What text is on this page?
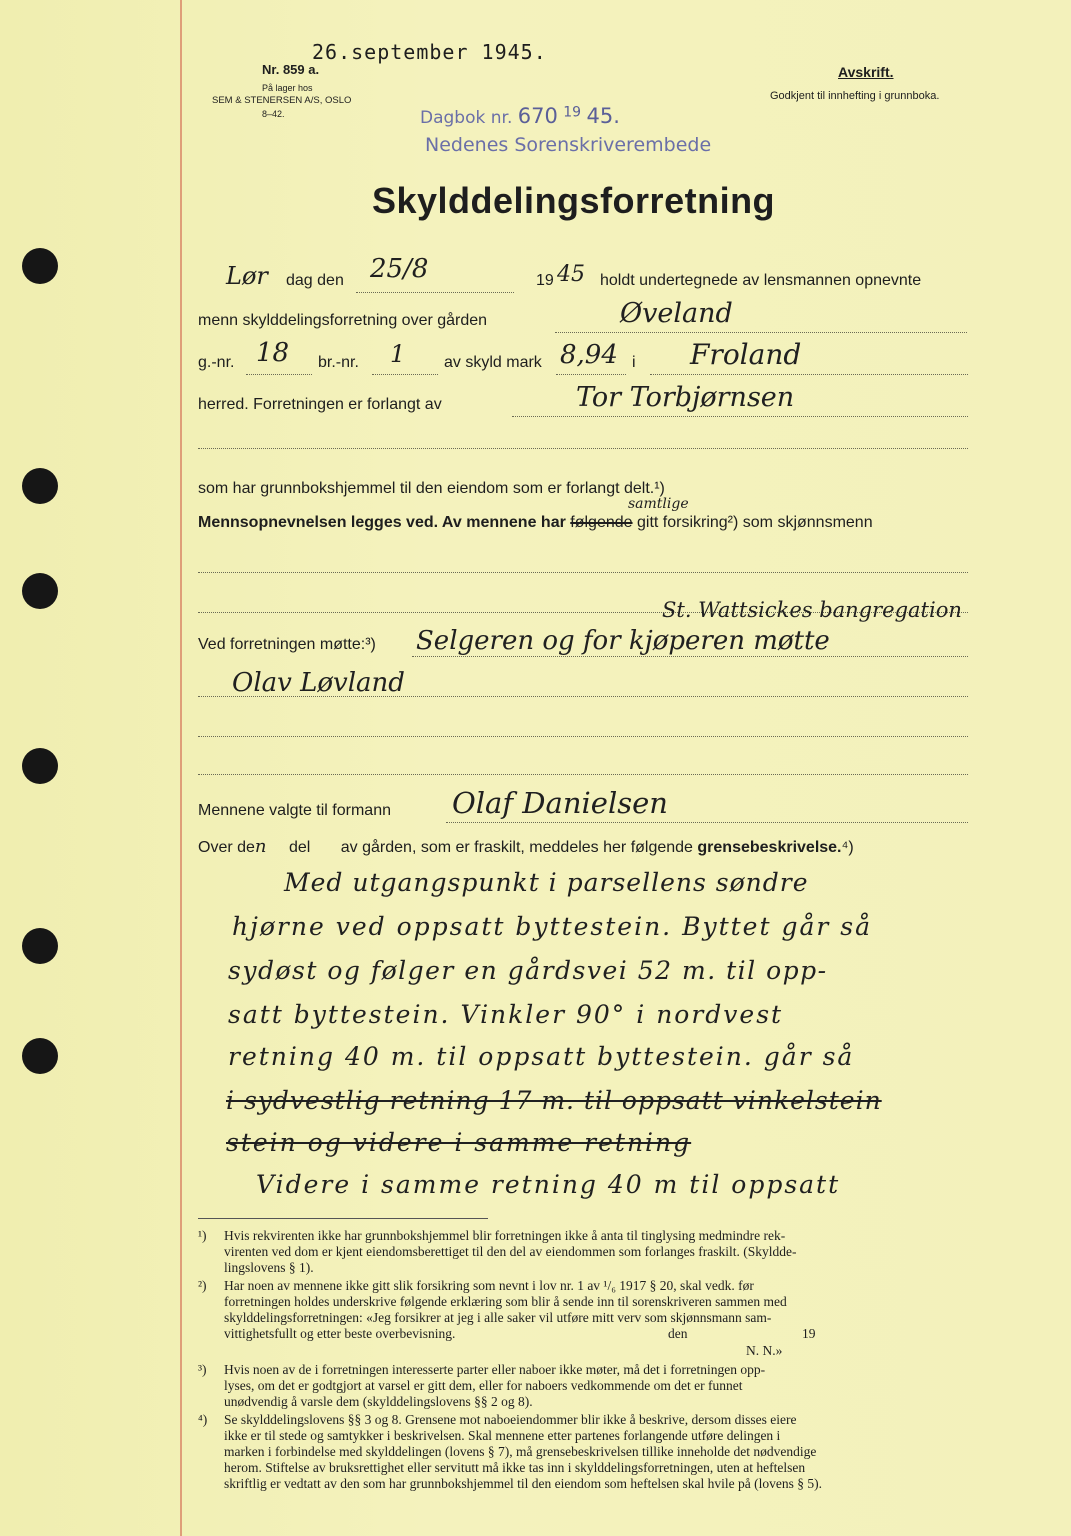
26.september 1945.
Nr. 859 a.
På lager hos
SEM & STENERSEN A/S, OSLO
8–42.
Avskrift.
Godkjent til innhefting i grunnboka.
Dagbok nr. 670 $^{19}$ 45.
Nedenes Sorenskriverembede
Skylddelingsforretning
Lør dag den 25/8	19 45 holdt undertegnede av lensmannen opnevnte
menn skylddelingsforretning over gården	Øveland
g.-nr. 18 br.-nr. 1 av skyld mark 8,94 i Froland
herred. Forretningen er forlangt av	Tor Torbjørnsen
som har grunnbokshjemmel til den eiendom som er forlangt delt.¹)
samtlige
Mennsopnevnelsen legges ved. Av mennene har følgende gitt forsikring²) som skjønnsmenn
St. Wattsickes bangregation
Ved forretningen møtte:³) Selgeren og for kjøperen møtte
Olav Løvland
Mennene valgte til formann Olaf Danielsen
Over den del av gården, som er fraskilt, meddeles her følgende grensebeskrivelse.⁴)
Med utgangspunkt i parsellens søndre
hjørne ved oppsatt byttestein. Byttet går så
sydøst og følger en gårdsvei 52 m. til opp-
satt byttestein. Vinkler 90° i nordvest
retning 40 m. til oppsatt byttestein. går så
i sydvestlig retning 17 m. til oppsatt vinkelstein
stein og videre i samme retning
Videre i samme retning 40 m til oppsatt
¹) Hvis rekvirenten ikke har grunnbokshjemmel blir forretningen ikke å anta til tinglysing medmindre rek-
virenten ved dom er kjent eiendomsberettiget til den del av eiendommen som forlanges fraskilt. (Skyldde-
lingslovens § 1).
²) Har noen av mennene ikke gitt slik forsikring som nevnt i lov nr. 1 av ¹/₆ 1917 § 20, skal vedk. før
forretningen holdes underskrive følgende erklæring som blir å sende inn til sorenskriveren sammen med
skylddelingsforretningen: «Jeg forsikrer at jeg i alle saker vil utføre mitt verv som skjønnsmann sam-
vittighetsfullt og etter beste overbevisning.	den	19
N. N.»
³) Hvis noen av de i forretningen interesserte parter eller naboer ikke møter, må det i forretningen opp-
lyses, om det er godtgjort at varsel er gitt dem, eller for naboers vedkommende om det er funnet
unødvendig å varsle dem (skylddelingslovens §§ 2 og 8).
⁴) Se skylddelingslovens §§ 3 og 8. Grensene mot naboeiendommer blir ikke å beskrive, dersom disses eiere
ikke er til stede og samtykker i beskrivelsen. Skal mennene etter partenes forlangende utføre delingen i
marken i forbindelse med skylddelingen (lovens § 7), må grensebeskrivelsen tillike inneholde det nødvendige
herom. Stiftelse av bruksrettighet eller servitutt må ikke tas inn i skylddelingsforretningen, uten at heftelsen
skriftlig er vedtatt av den som har grunnbokshjemmel til den eiendom som heftelsen skal hvile på (lovens § 5).
